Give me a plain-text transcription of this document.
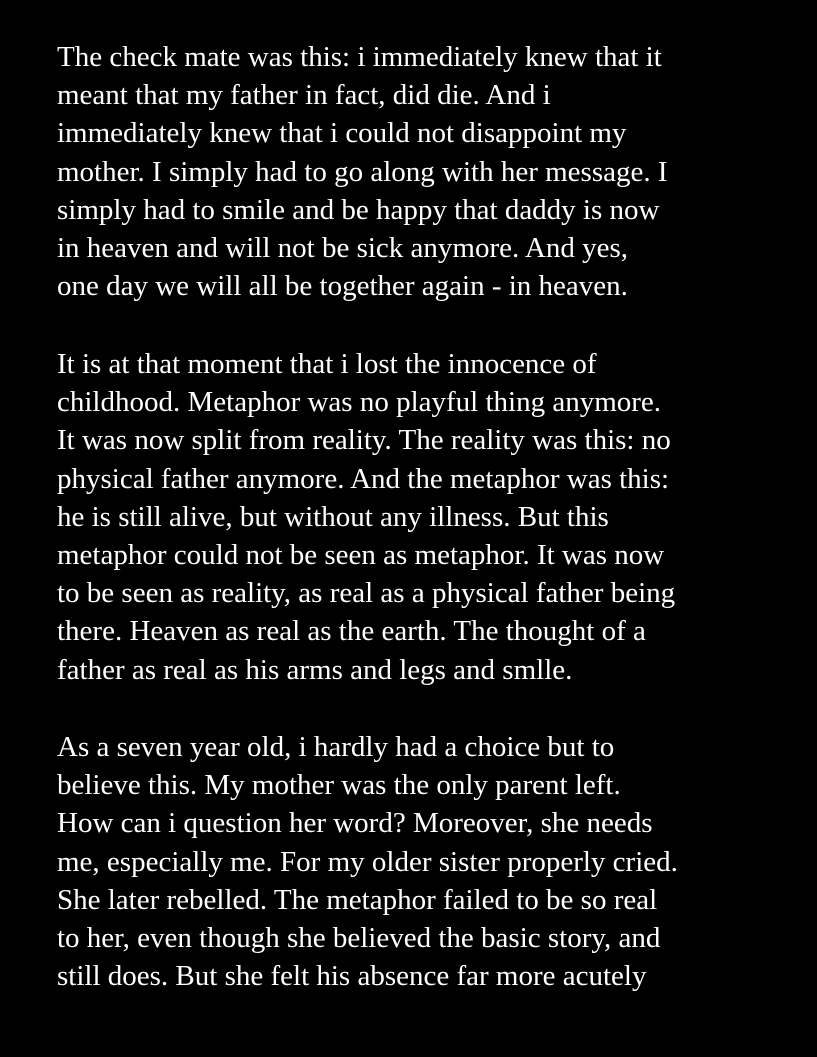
The check mate was this: i immediately knew that it
meant that my father in fact, did die. And i
immediately knew that i could not disappoint my
mother. I simply had to go along with her message. I
simply had to smile and be happy that daddy is now
in heaven and will not be sick anymore. And yes,
one day we will all be together again - in heaven.

It is at that moment that i lost the innocence of
childhood. Metaphor was no playful thing anymore.
It was now split from reality. The reality was this: no
physical father anymore. And the metaphor was this:
he is still alive, but without any illness. But this
metaphor could not be seen as metaphor. It was now
to be seen as reality, as real as a physical father being
there. Heaven as real as the earth. The thought of a
father as real as his arms and legs and smlle.

As a seven year old, i hardly had a choice but to
believe this. My mother was the only parent left.
How can i question her word? Moreover, she needs
me, especially me. For my older sister properly cried.
She later rebelled. The metaphor failed to be so real
to her, even though she believed the basic story, and
still does. But she felt his absence far more acutely
